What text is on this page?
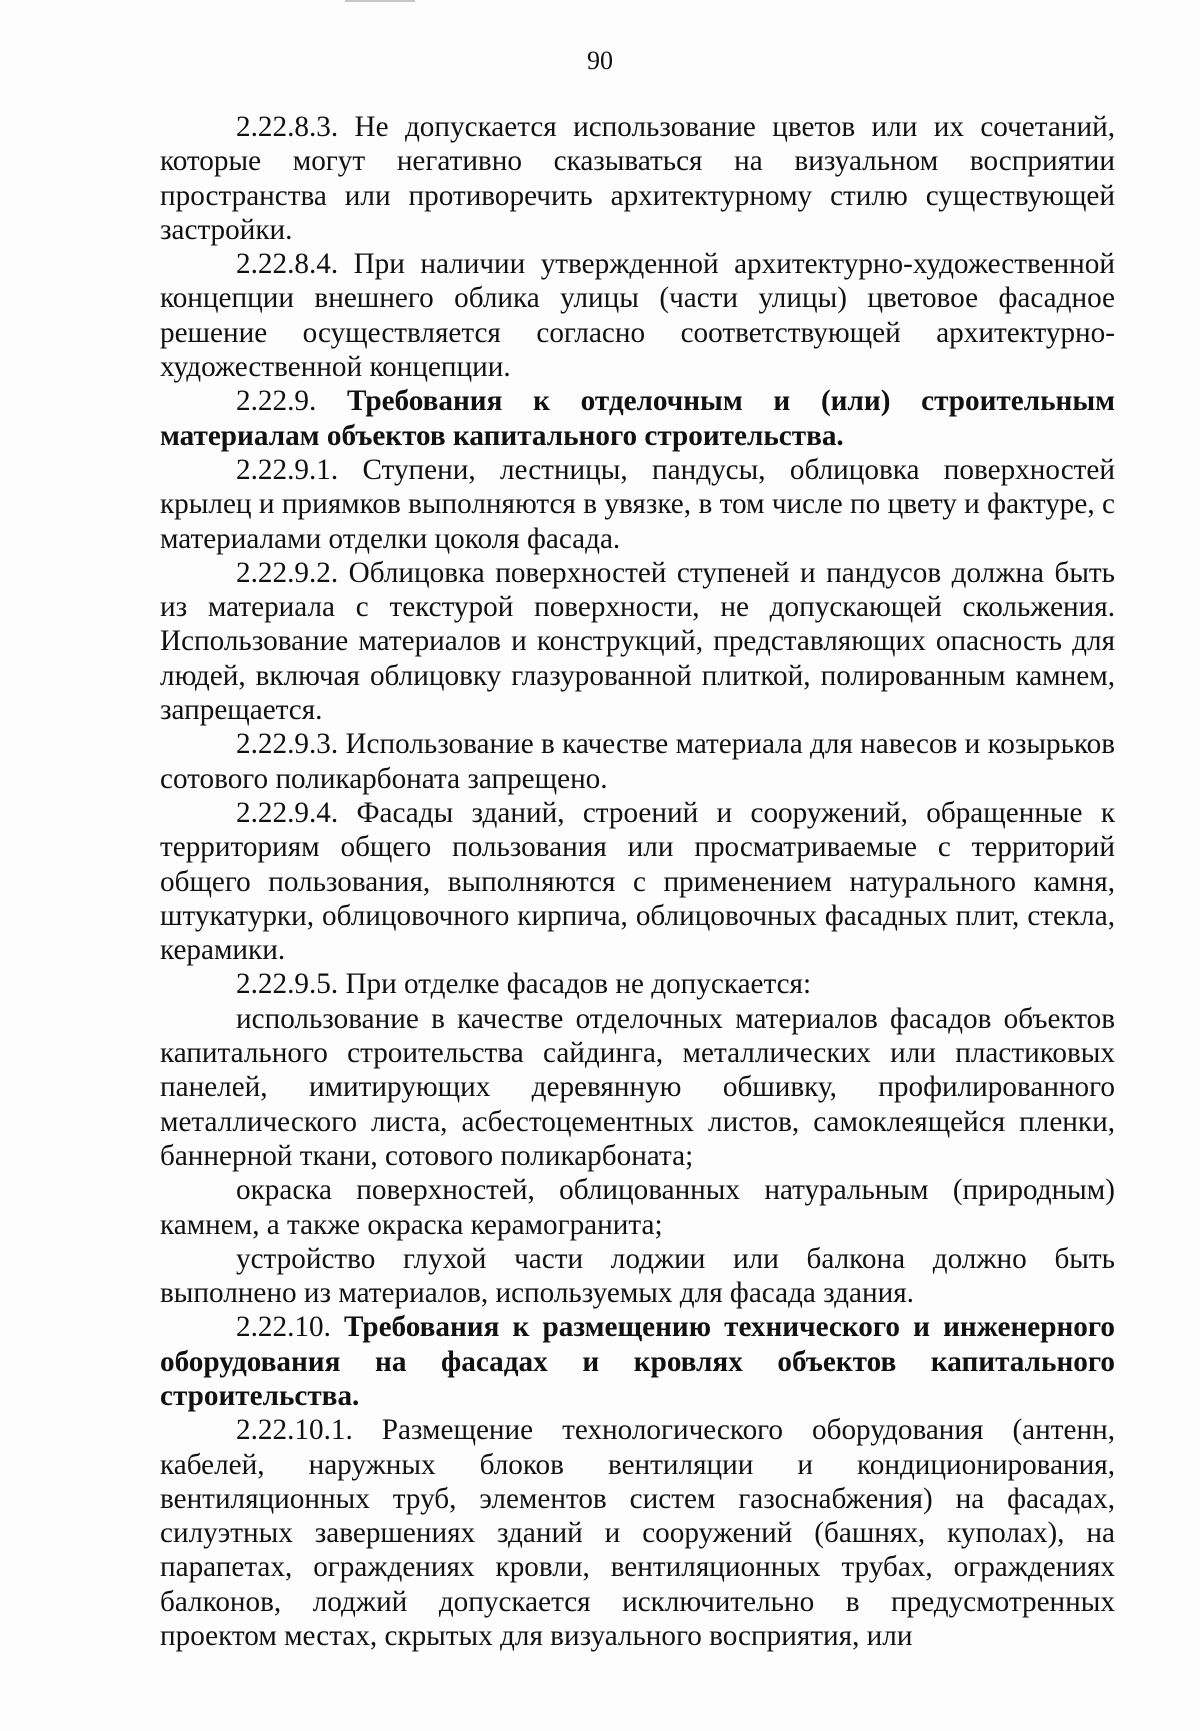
90

2.22.8.3. Не допускается использование цветов или их сочетаний, которые могут негативно сказываться на визуальном восприятии пространства или противоречить архитектурному стилю существующей застройки.

2.22.8.4. При наличии утвержденной архитектурно-художественной концепции внешнего облика улицы (части улицы) цветовое фасадное решение осуществляется согласно соответствующей архитектурно-художественной концепции.

2.22.9. Требования к отделочным и (или) строительным материалам объектов капитального строительства.

2.22.9.1. Ступени, лестницы, пандусы, облицовка поверхностей крылец и приямков выполняются в увязке, в том числе по цвету и фактуре, с материалами отделки цоколя фасада.

2.22.9.2. Облицовка поверхностей ступеней и пандусов должна быть из материала с текстурой поверхности, не допускающей скольжения. Использование материалов и конструкций, представляющих опасность для людей, включая облицовку глазурованной плиткой, полированным камнем, запрещается.

2.22.9.3. Использование в качестве материала для навесов и козырьков сотового поликарбоната запрещено.

2.22.9.4. Фасады зданий, строений и сооружений, обращенные к территориям общего пользования или просматриваемые с территорий общего пользования, выполняются с применением натурального камня, штукатурки, облицовочного кирпича, облицовочных фасадных плит, стекла, керамики.

2.22.9.5. При отделке фасадов не допускается:

использование в качестве отделочных материалов фасадов объектов капитального строительства сайдинга, металлических или пластиковых панелей, имитирующих деревянную обшивку, профилированного металлического листа, асбестоцементных листов, самоклеящейся пленки, баннерной ткани, сотового поликарбоната;

окраска поверхностей, облицованных натуральным (природным) камнем, а также окраска керамогранита;

устройство глухой части лоджии или балкона должно быть выполнено из материалов, используемых для фасада здания.

2.22.10. Требования к размещению технического и инженерного оборудования на фасадах и кровлях объектов капитального строительства.

2.22.10.1. Размещение технологического оборудования (антенн, кабелей, наружных блоков вентиляции и кондиционирования, вентиляционных труб, элементов систем газоснабжения) на фасадах, силуэтных завершениях зданий и сооружений (башнях, куполах), на парапетах, ограждениях кровли, вентиляционных трубах, ограждениях балконов, лоджий допускается исключительно в предусмотренных проектом местах, скрытых для визуального восприятия, или
